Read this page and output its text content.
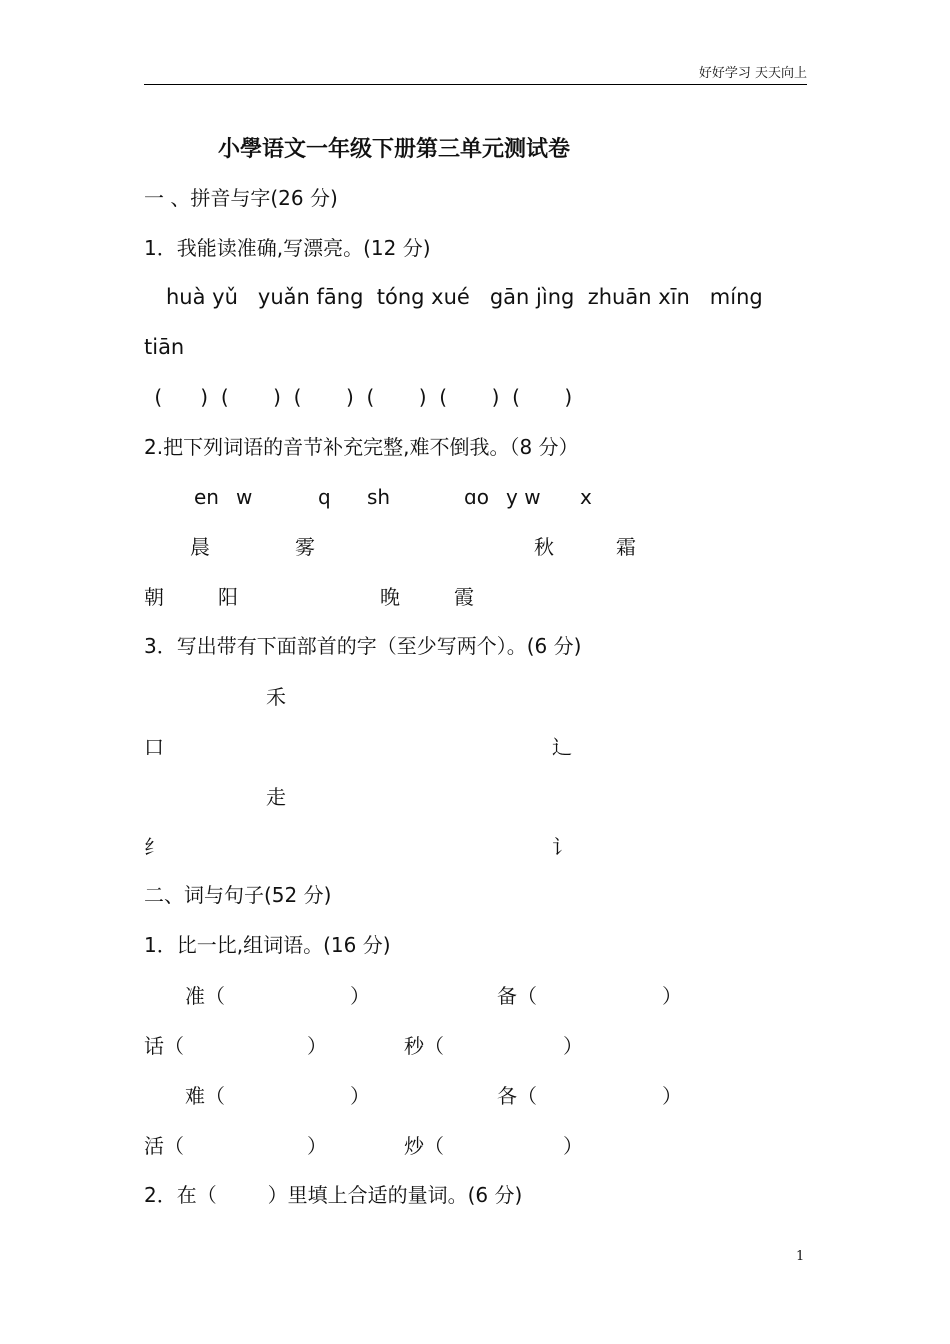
好好学习 天天向上
小學语文一年级下册第三单元测试卷
一 、拼音与字(26 分)
1．我能读准确,写漂亮。(12 分)
huà yǔ   yuǎn fāng  tóng xué   gān jìng  zhuān xīn   míng
tiān
(      )  (       )  (       )  (       )  (       )  (       )
2.把下列词语的音节补充完整,难不倒我。（8 分）
en w	q sh	ɑo y w x
晨	雾	秋	霜
朝	阳	晚	霞
3．写出带有下面部首的字（至少写两个）。(6 分)
禾
口	辶
走
纟	讠
二、词与句子(52 分)
1．比一比,组词语。(16 分)
准（	）	备（	）
话（	）	秒（	）
难（	）	各（	）
活（	）	炒（	）
2．在（        ）里填上合适的量词。(6 分)
1
